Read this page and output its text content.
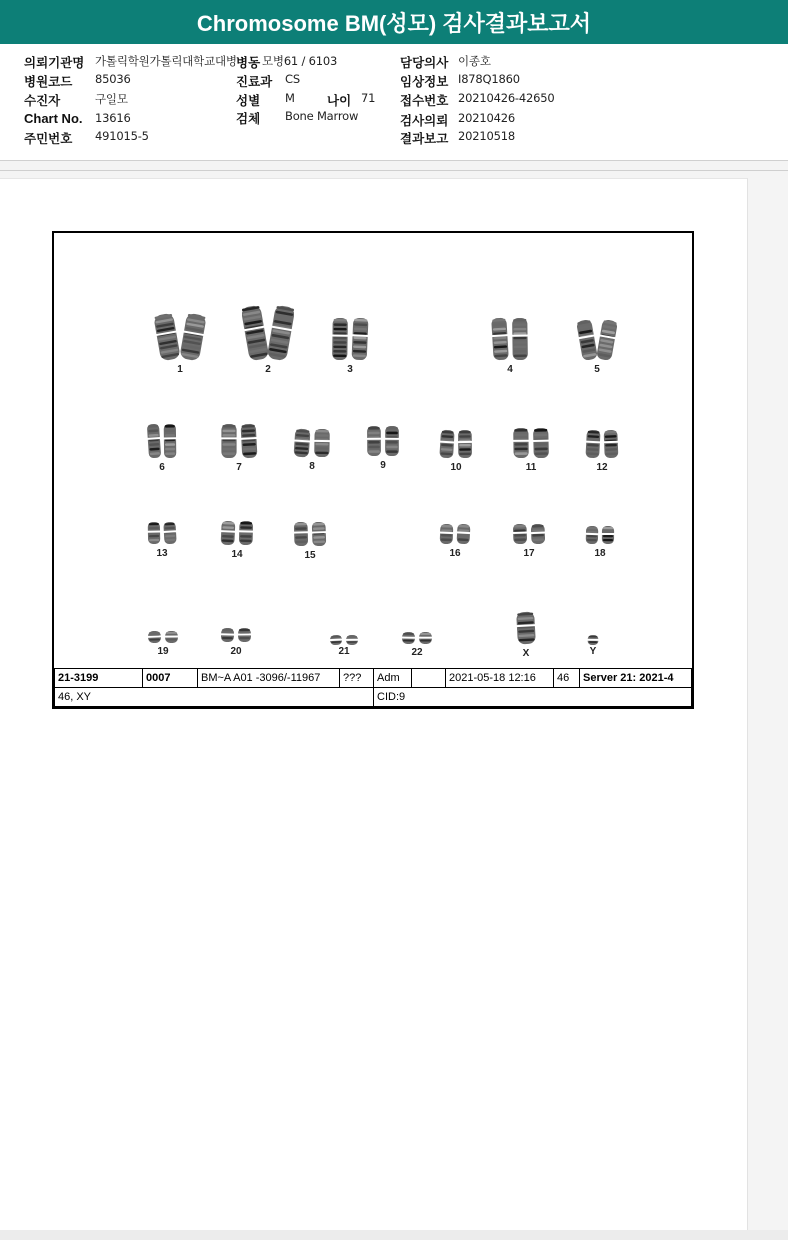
Chromosome BM(성모) 검사결과보고서
의뢰기관명 가톨릭학원가톨릭대학교대병 병동 모병61 / 6103	담당의사 이종호
병원코드 85036	진료과 CS	임상정보 I878Q1860
수진자	구일모	성별 M	나이 71 접수번호 20210426-42650
Chart No. 13616	검체 Bone Marrow	검사의뢰 20210426
주민번호 491015-5	결과보고 20210518
1	2	3	4	5
6	7	8	9	10	11	12
13	14	15	16	17	18
19	20	21	22	X	Y
21-3199	0007	BM~A A01 -3096/-11967	???	Adm		2021-05-18 12:16	46	Server 21: 2021-4
46, XY				CID:9				
